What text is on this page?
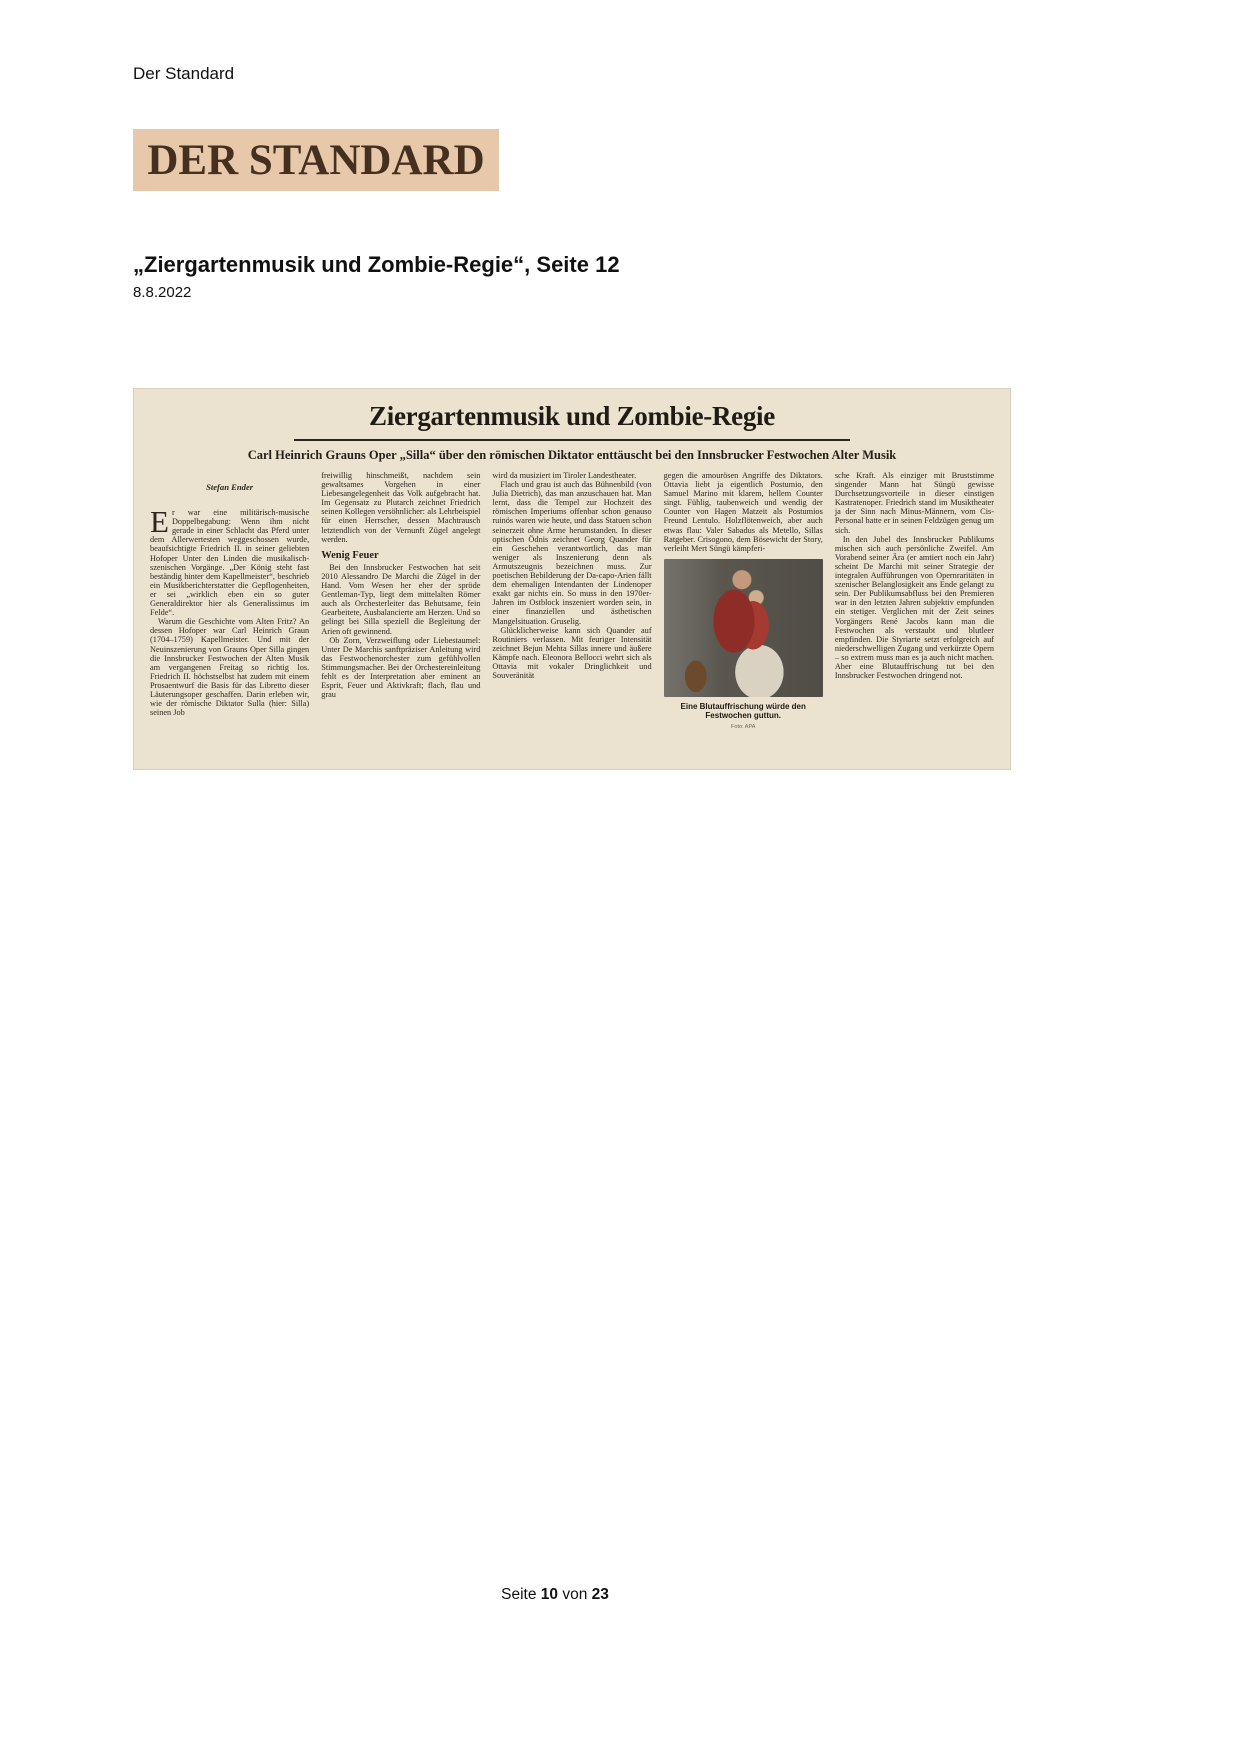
Der Standard
DER STANDARD
„Ziergartenmusik und Zombie-Regie“, Seite 12
8.8.2022
Ziergartenmusik und Zombie-Regie
Carl Heinrich Grauns Oper „Silla“ über den römischen Diktator enttäuscht bei den Innsbrucker Festwochen Alter Musik
Stefan Ender

Er war eine militärisch-musische Doppelbegabung: Wenn ihm nicht gerade in einer Schlacht das Pferd unter dem Allerwertesten weggeschossen wurde, beaufsichtigte Friedrich II. in seiner geliebten Hofoper Unter den Linden die musikalisch-szenischen Vorgänge. „Der König steht fast beständig hinter dem Kapellmeister“, beschrieb ein Musikberichterstatter die Gepflogenheiten, er sei „wirklich eben ein so guter Generaldirektor hier als Generalissimus im Felde“.

Warum die Geschichte vom Alten Fritz? An dessen Hofoper war Carl Heinrich Graun (1704–1759) Kapellmeister. Und mit der Neuinszenierung von Grauns Oper Silla gingen die Innsbrucker Festwochen der Alten Musik am vergangenen Freitag so richtig los. Friedrich II. höchstselbst hat zudem mit einem Prosaentwurf die Basis für das Libretto dieser Läuterungsoper geschaffen. Darin erleben wir, wie der römische Diktator Sulla (hier: Silla) seinen Job

freiwillig hinschmeißt, nachdem sein gewaltsames Vorgehen in einer Liebesangelegenheit das Volk aufgebracht hat. Im Gegensatz zu Plutarch zeichnet Friedrich seinen Kollegen versöhnlicher: als Lehrbeispiel für einen Herrscher, dessen Machtrausch letztendlich von der Vernunft Zügel angelegt werden.

Wenig Feuer

Bei den Innsbrucker Festwochen hat seit 2010 Alessandro De Marchi die Zügel in der Hand. Vom Wesen her eher der spröde Gentleman-Typ, liegt dem mittelalten Römer auch als Orchesterleiter das Behutsame, fein Gearbeitete, Ausbalancierte am Herzen. Und so gelingt bei Silla speziell die Begleitung der Arien oft gewinnend.

Ob Zorn, Verzweiflung oder Liebestaumel: Unter De Marchis sanftpräziser Anleitung wird das Festwochenorchester zum gefühlvollen Stimmungsmacher. Bei der Orchestereinleitung fehlt es der Interpretation aber eminent an Esprit, Feuer und Aktivkraft; flach, flau und grau

wird da musiziert im Tiroler Landestheater.

Flach und grau ist auch das Bühnenbild (von Julia Dietrich), das man anzuschauen hat. Man lernt, dass die Tempel zur Hochzeit des römischen Imperiums offenbar schon genauso ruinös waren wie heute, und dass Statuen schon seinerzeit ohne Arme herumstanden. In dieser optischen Ödnis zeichnet Georg Quander für ein Geschehen verantwortlich, das man weniger als Inszenierung denn als Armutszeugnis bezeichnen muss. Zur poetischen Bebilderung der Da-capo-Arien fällt dem ehemaligen Intendanten der Lindenoper exakt gar nichts ein. So muss in den 1970er-Jahren im Ostblock inszeniert worden sein, in einer finanziellen und ästhetischen Mangelsituation. Gruselig.

Glücklicherweise kann sich Quander auf Routiniers verlassen. Mit feuriger Intensität zeichnet Bejun Mehta Sillas innere und äußere Kämpfe nach. Eleonora Bellocci wehrt sich als Ottavia mit vokaler Dringlichkeit und Souveränität

gegen die amourösen Angriffe des Diktators. Ottavia liebt ja eigentlich Postumio, den Samuel Marino mit klarem, hellem Counter singt. Fühlig, taubenweich und wendig der Counter von Hagen Matzeit als Postumios Freund Lentulo. Holzflötenweich, aber auch etwas flau: Valer Sabadus als Metello, Sillas Ratgeber. Crisogono, dem Bösewicht der Story, verleiht Mert Süngü kämpferi-

Eine Blutauffrischung würde den Festwochen guttun.
Foto: APA

sche Kraft. Als einziger mit Bruststimme singender Mann hat Süngü gewisse Durchsetzungsvorteile in dieser einstigen Kastratenoper. Friedrich stand im Musiktheater ja der Sinn nach Minus-Männern, vom Cis-Personal hatte er in seinen Feldzügen genug um sich.

In den Jubel des Innsbrucker Publikums mischen sich auch persönliche Zweifel. Am Vorabend seiner Ära (er amtiert noch ein Jahr) scheint De Marchi mit seiner Strategie der integralen Aufführungen von Opernraritäten in szenischer Belanglosigkeit ans Ende gelangt zu sein. Der Publikumsabfluss bei den Premieren war in den letzten Jahren subjektiv empfunden ein stetiger. Verglichen mit der Zeit seines Vorgängers René Jacobs kann man die Festwochen als verstaubt und blutleer empfinden. Die Styriarte setzt erfolgreich auf niederschwelligen Zugang und verkürzte Opern – so extrem muss man es ja auch nicht machen. Aber eine Blutauffrischung tut bei den Innsbrucker Festwochen dringend not.

Seite 10 von 23
